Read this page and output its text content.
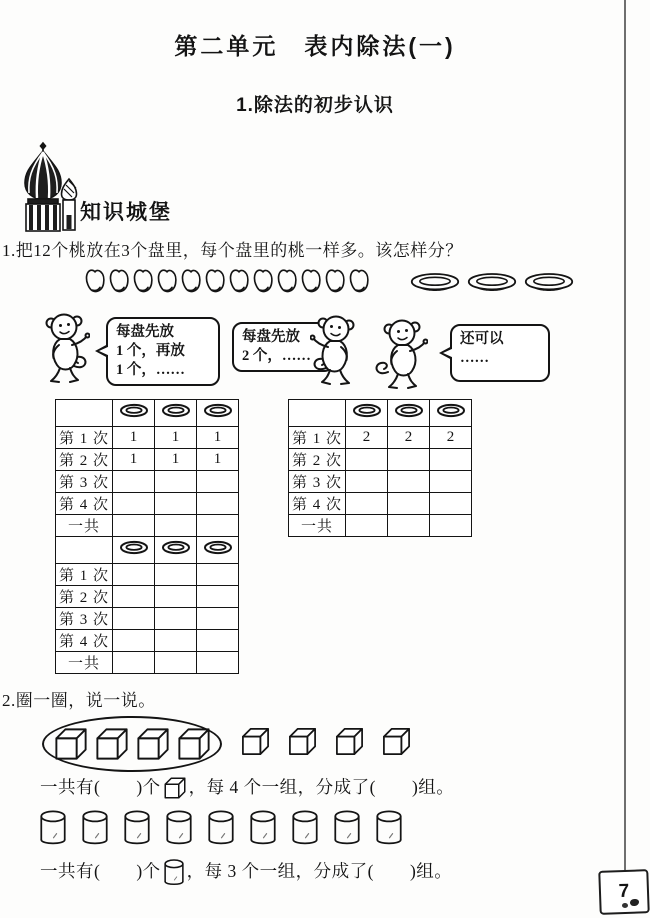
第二单元　表内除法(一)
1.除法的初步认识
知识城堡
1.把12个桃放在3个盘里，每个盘里的桃一样多。该怎样分？
每盘先放
1 个，再放
1 个，……
每盘先放
2 个，……
还可以
……

第 1 次	1	1	1
第 2 次	1	1	1
第 3 次			
第 4 次			
一共			

第 1 次	2	2	2
第 2 次			
第 3 次			
第 4 次			
一共			

第 1 次			
第 2 次			
第 3 次			
第 4 次			
一共			
2.圈一圈，说一说。
一共有(　　)个 ，每 4 个一组，分成了(　　)组。
一共有(　　)个 ，每 3 个一组，分成了(　　)组。
7
